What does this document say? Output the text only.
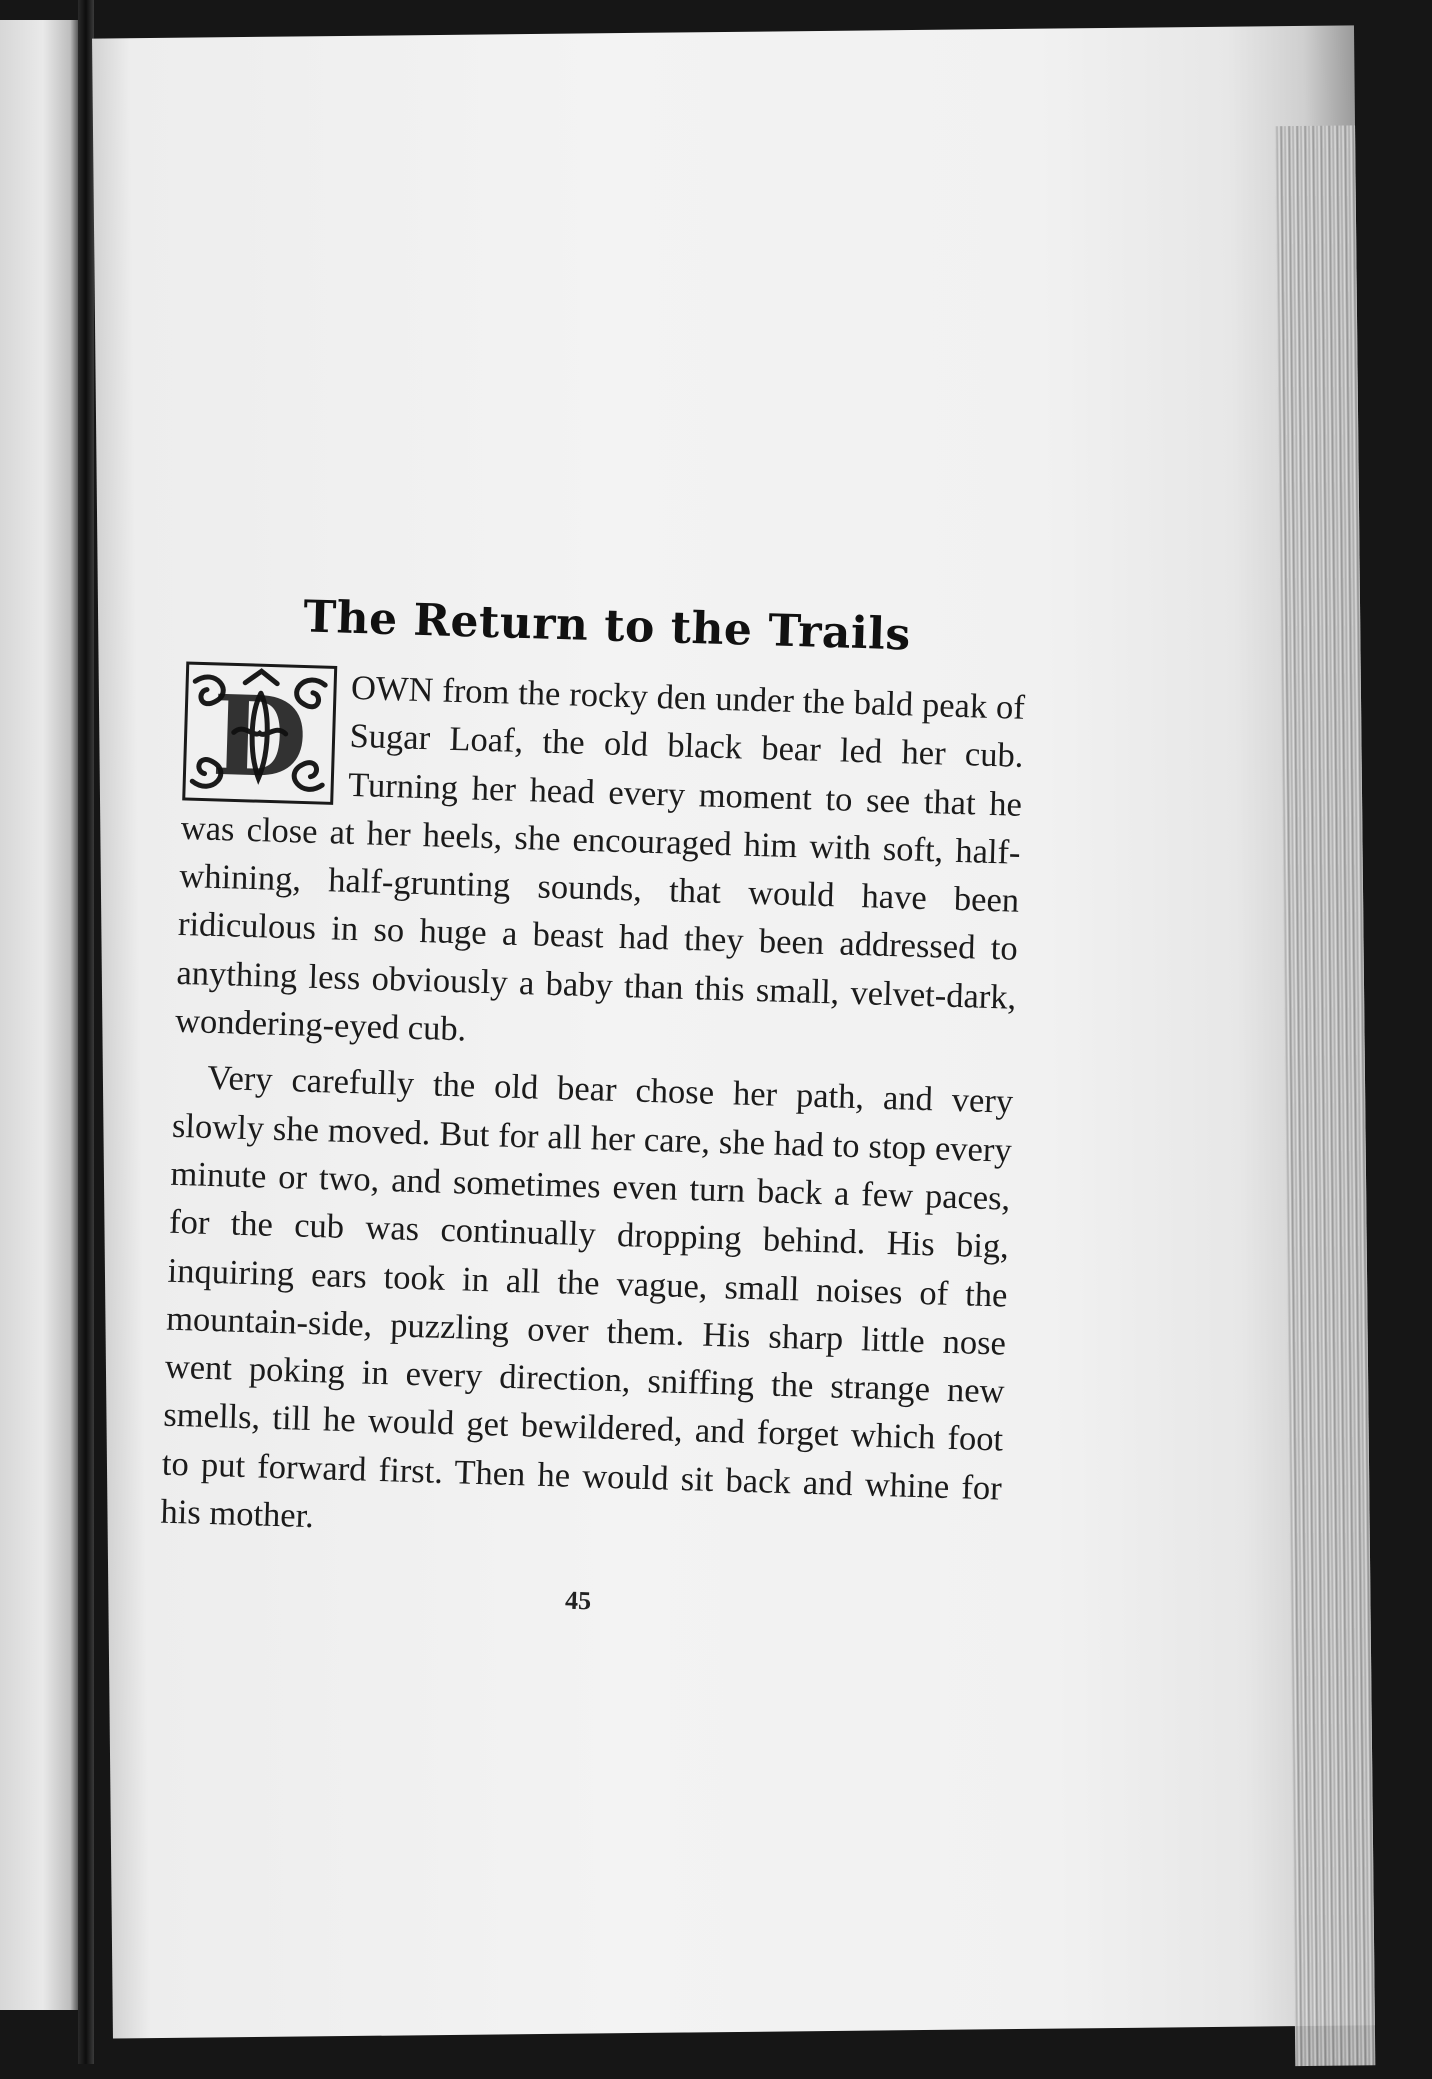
The Return to the Trails

D OWN from the rocky den under the bald peak of Sugar Loaf, the old black bear led her cub. Turning her head every moment to see that he was close at her heels, she encouraged him with soft, half-whining, half-grunting sounds, that would have been ridiculous in so huge a beast had they been addressed to anything less obviously a baby than this small, velvet-dark, wondering-eyed cub.

Very carefully the old bear chose her path, and very slowly she moved. But for all her care, she had to stop every minute or two, and sometimes even turn back a few paces, for the cub was continually dropping behind. His big, inquiring ears took in all the vague, small noises of the mountain-side, puzzling over them. His sharp little nose went poking in every direction, sniffing the strange new smells, till he would get bewildered, and forget which foot to put forward first. Then he would sit back and whine for his mother.

45
